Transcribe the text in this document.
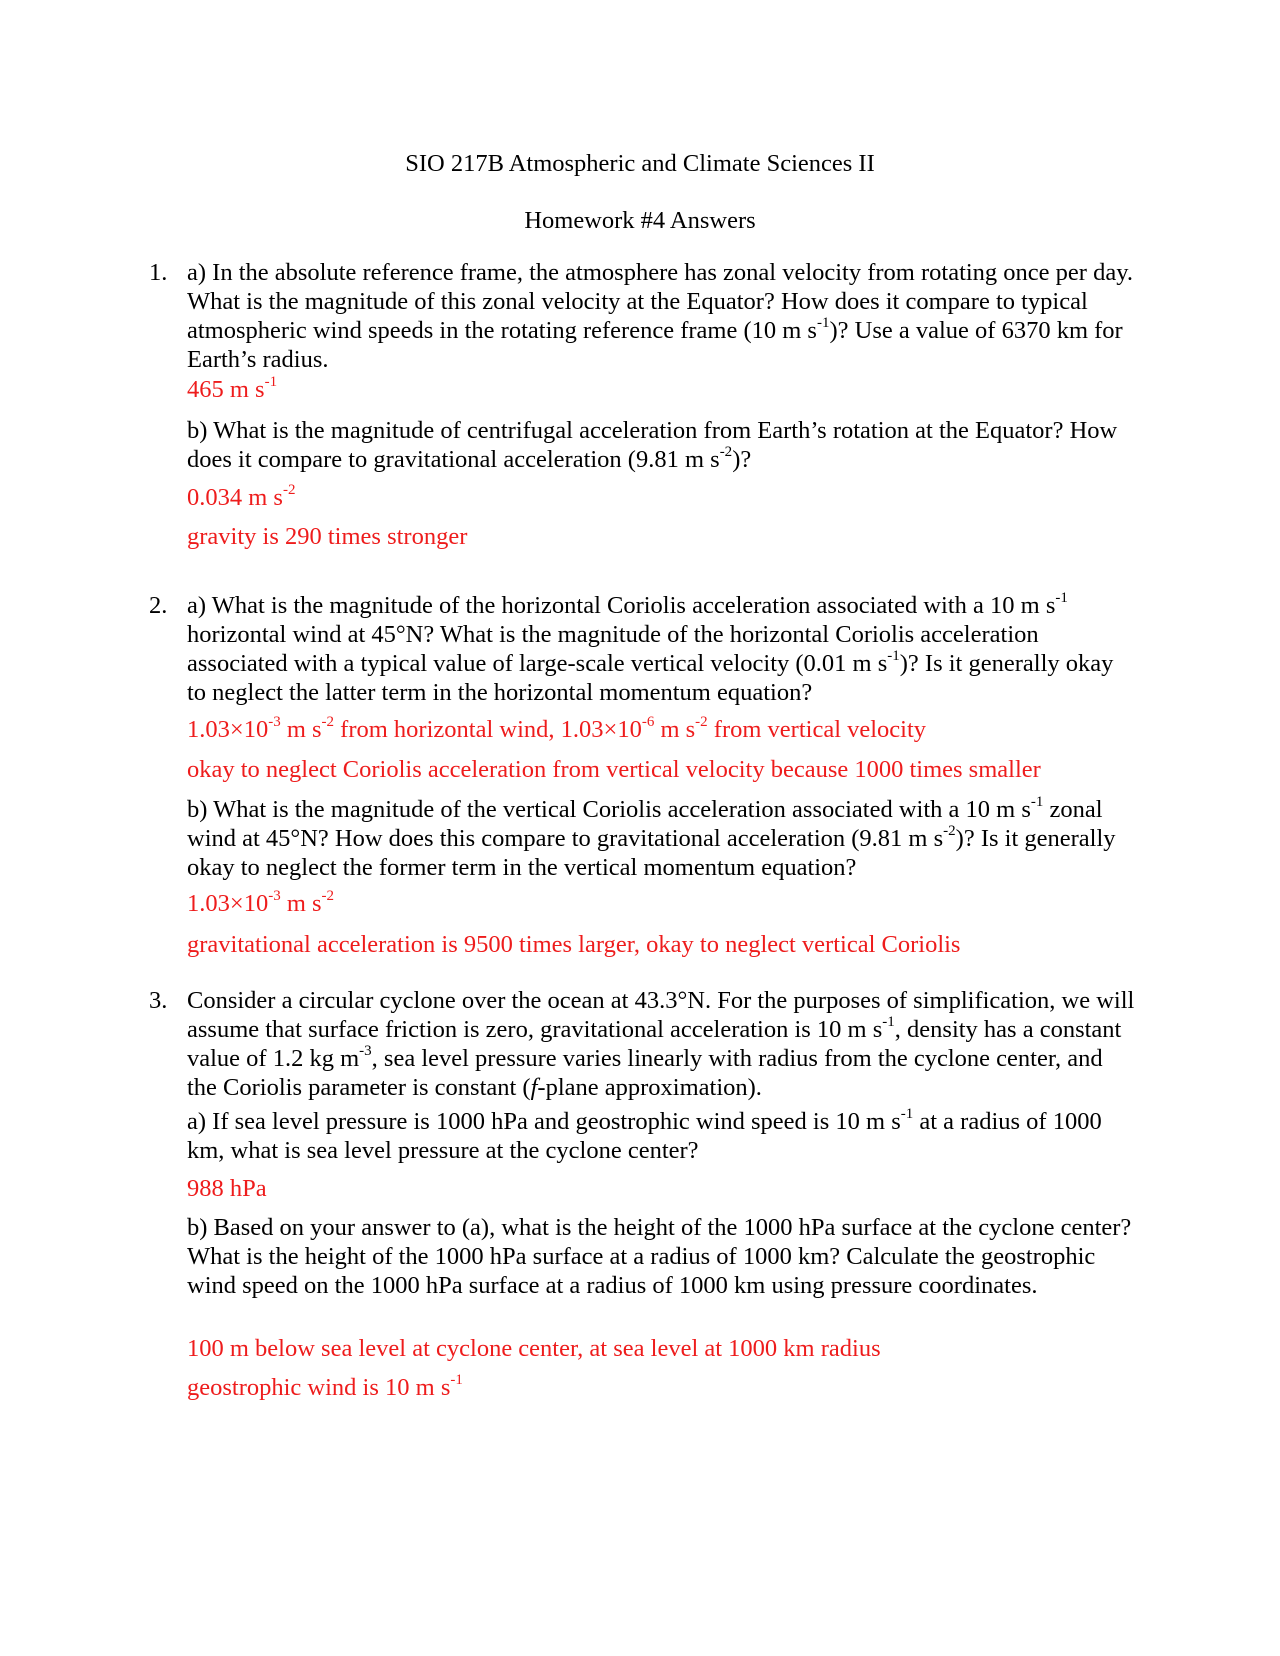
SIO 217B Atmospheric and Climate Sciences II
Homework #4 Answers
1. a) In the absolute reference frame, the atmosphere has zonal velocity from rotating once per day. What is the magnitude of this zonal velocity at the Equator? How does it compare to typical atmospheric wind speeds in the rotating reference frame (10 m $s^{-1}$)? Use a value of 6370 km for Earth’s radius.

465 m $s^{-1}$

b) What is the magnitude of centrifugal acceleration from Earth’s rotation at the Equator? How does it compare to gravitational acceleration (9.81 m $s^{-2}$)?

0.034 m $s^{-2}$

gravity is 290 times stronger

2. a) What is the magnitude of the horizontal Coriolis acceleration associated with a 10 m $s^{-1}$ horizontal wind at 45°N? What is the magnitude of the horizontal Coriolis acceleration associated with a typical value of large-scale vertical velocity (0.01 m $s^{-1}$)? Is it generally okay to neglect the latter term in the horizontal momentum equation?

$1.03\times 10^{-3}$ m $s^{-2}$ from horizontal wind, $1.03\times 10^{-6}$ m $s^{-2}$ from vertical velocity

okay to neglect Coriolis acceleration from vertical velocity because 1000 times smaller

b) What is the magnitude of the vertical Coriolis acceleration associated with a 10 m $s^{-1}$ zonal wind at 45°N? How does this compare to gravitational acceleration (9.81 m $s^{-2}$)? Is it generally okay to neglect the former term in the vertical momentum equation?

$1.03\times 10^{-3}$ m $s^{-2}$

gravitational acceleration is 9500 times larger, okay to neglect vertical Coriolis

3. Consider a circular cyclone over the ocean at 43.3°N. For the purposes of simplification, we will assume that surface friction is zero, gravitational acceleration is 10 m $s^{-1}$, density has a constant value of 1.2 kg $m^{-3}$, sea level pressure varies linearly with radius from the cyclone center, and the Coriolis parameter is constant (f-plane approximation).

a) If sea level pressure is 1000 hPa and geostrophic wind speed is 10 m $s^{-1}$ at a radius of 1000 km, what is sea level pressure at the cyclone center?

988 hPa

b) Based on your answer to (a), what is the height of the 1000 hPa surface at the cyclone center? What is the height of the 1000 hPa surface at a radius of 1000 km? Calculate the geostrophic wind speed on the 1000 hPa surface at a radius of 1000 km using pressure coordinates.

100 m below sea level at cyclone center, at sea level at 1000 km radius

geostrophic wind is 10 m $s^{-1}$
